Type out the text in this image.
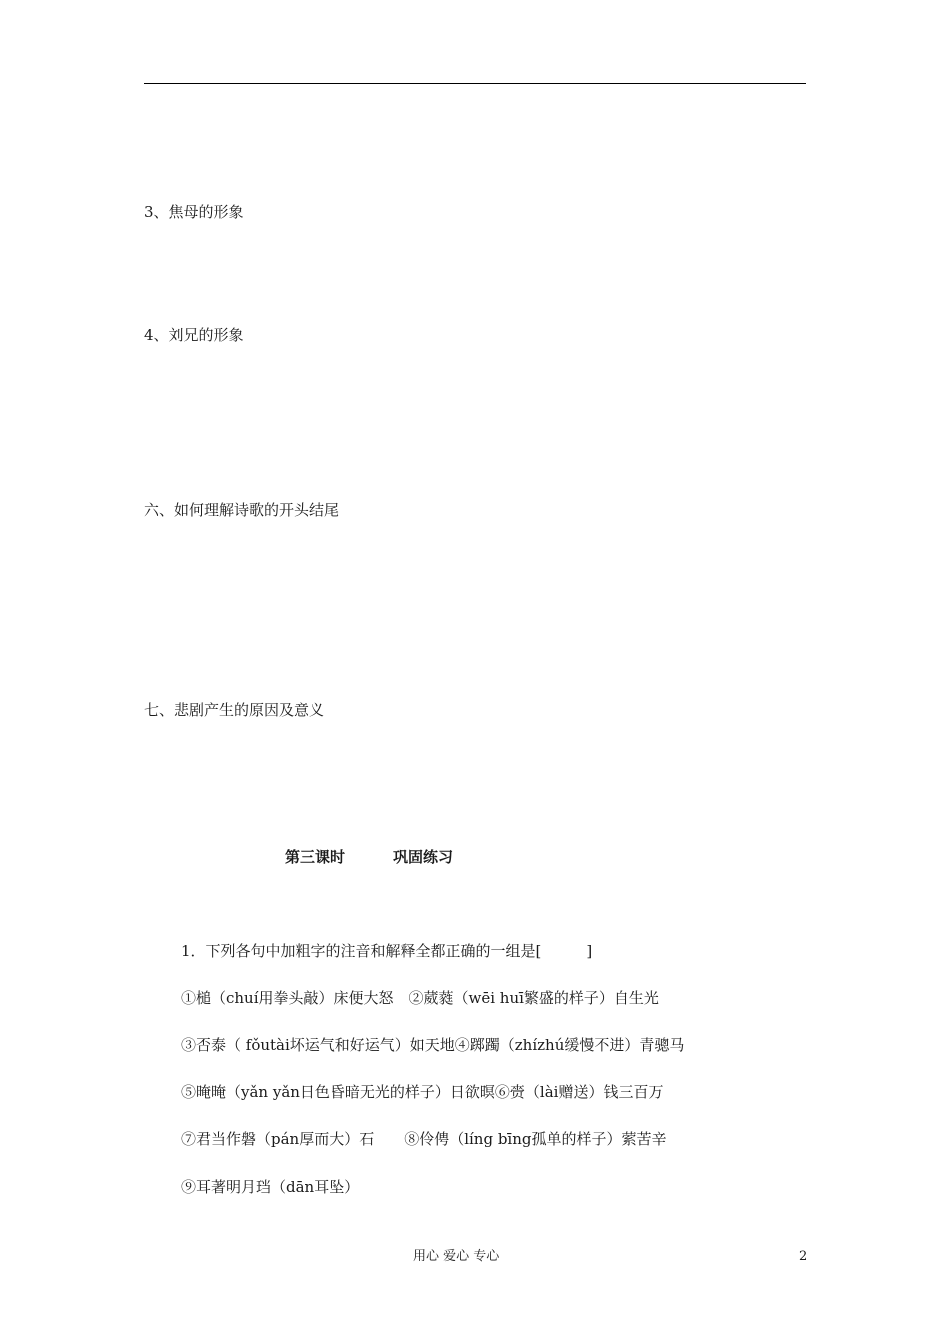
3、焦母的形象
4、刘兄的形象
六、如何理解诗歌的开头结尾
七、悲剧产生的原因及意义
第三课时	巩固练习
1．下列各句中加粗字的注音和解释全都正确的一组是[　　　]
①槌（chuí用拳头敲）床便大怒　②葳蕤（wēi huī繁盛的样子）自生光
③否泰（ fǒutài坏运气和好运气）如天地④踯躅（zhízhú缓慢不进）青骢马
⑤晻晻（yǎn yǎn日色昏暗无光的样子）日欲暝⑥赍（lài赠送）钱三百万
⑦君当作磐（pán厚而大）石　　⑧伶俜（líng bīng孤单的样子）萦苦辛
⑨耳著明月珰（dān耳坠）
用心 爱心 专心	2
